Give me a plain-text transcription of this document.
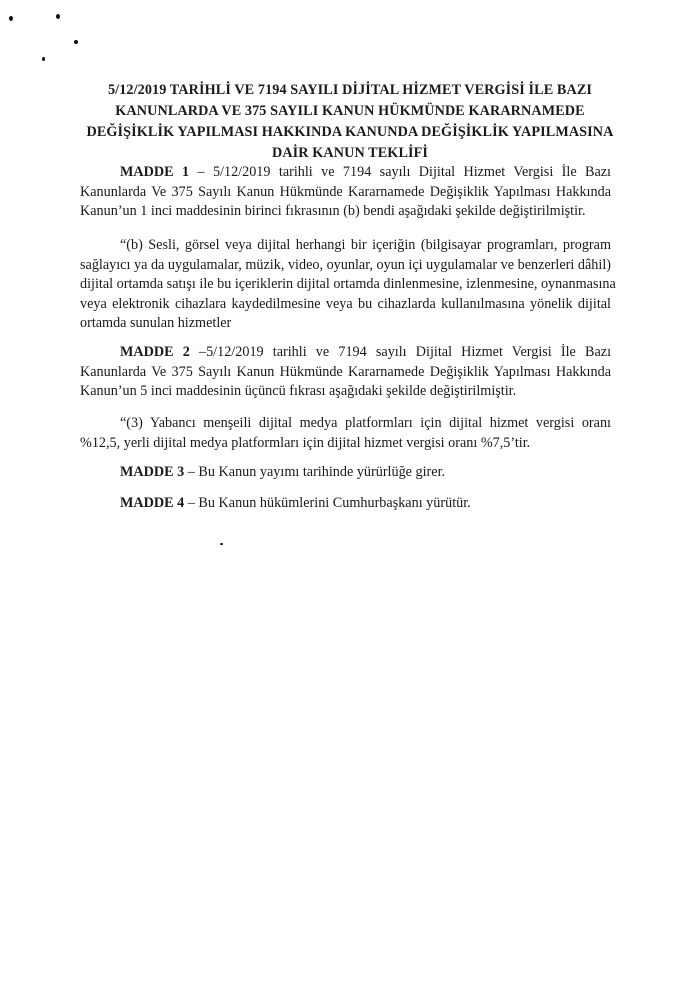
5/12/2019 TARİHLİ VE 7194 SAYILI DİJİTAL HİZMET VERGİSİ İLE BAZI
KANUNLARDA VE 375 SAYILI KANUN HÜKMÜNDE KARARNAMEDE
DEĞİŞİKLİK YAPILMASI HAKKINDA KANUNDA DEĞİŞİKLİK YAPILMASINA
DAİR KANUN TEKLİFİ
MADDE 1 – 5/12/2019 tarihli ve 7194 sayılı Dijital Hizmet Vergisi İle Bazı
Kanunlarda Ve 375 Sayılı Kanun Hükmünde Kararnamede Değişiklik Yapılması Hakkında
Kanun’un 1 inci maddesinin birinci fıkrasının (b) bendi aşağıdaki şekilde değiştirilmiştir.
“(b) Sesli, görsel veya dijital herhangi bir içeriğin (bilgisayar programları, program
sağlayıcı ya da uygulamalar, müzik, video, oyunlar, oyun içi uygulamalar ve benzerleri dâhil)
dijital ortamda satışı ile bu içeriklerin dijital ortamda dinlenmesine, izlenmesine, oynanmasına
veya elektronik cihazlara kaydedilmesine veya bu cihazlarda kullanılmasına yönelik dijital
ortamda sunulan hizmetler
MADDE 2 –5/12/2019 tarihli ve 7194 sayılı Dijital Hizmet Vergisi İle Bazı
Kanunlarda Ve 375 Sayılı Kanun Hükmünde Kararnamede Değişiklik Yapılması Hakkında
Kanun’un 5 inci maddesinin üçüncü fıkrası aşağıdaki şekilde değiştirilmiştir.
“(3) Yabancı menşeili dijital medya platformları için dijital hizmet vergisi oranı
%12,5, yerli dijital medya platformları için dijital hizmet vergisi oranı %7,5’tir.
MADDE 3 – Bu Kanun yayımı tarihinde yürürlüğe girer.
MADDE 4 – Bu Kanun hükümlerini Cumhurbaşkanı yürütür.
